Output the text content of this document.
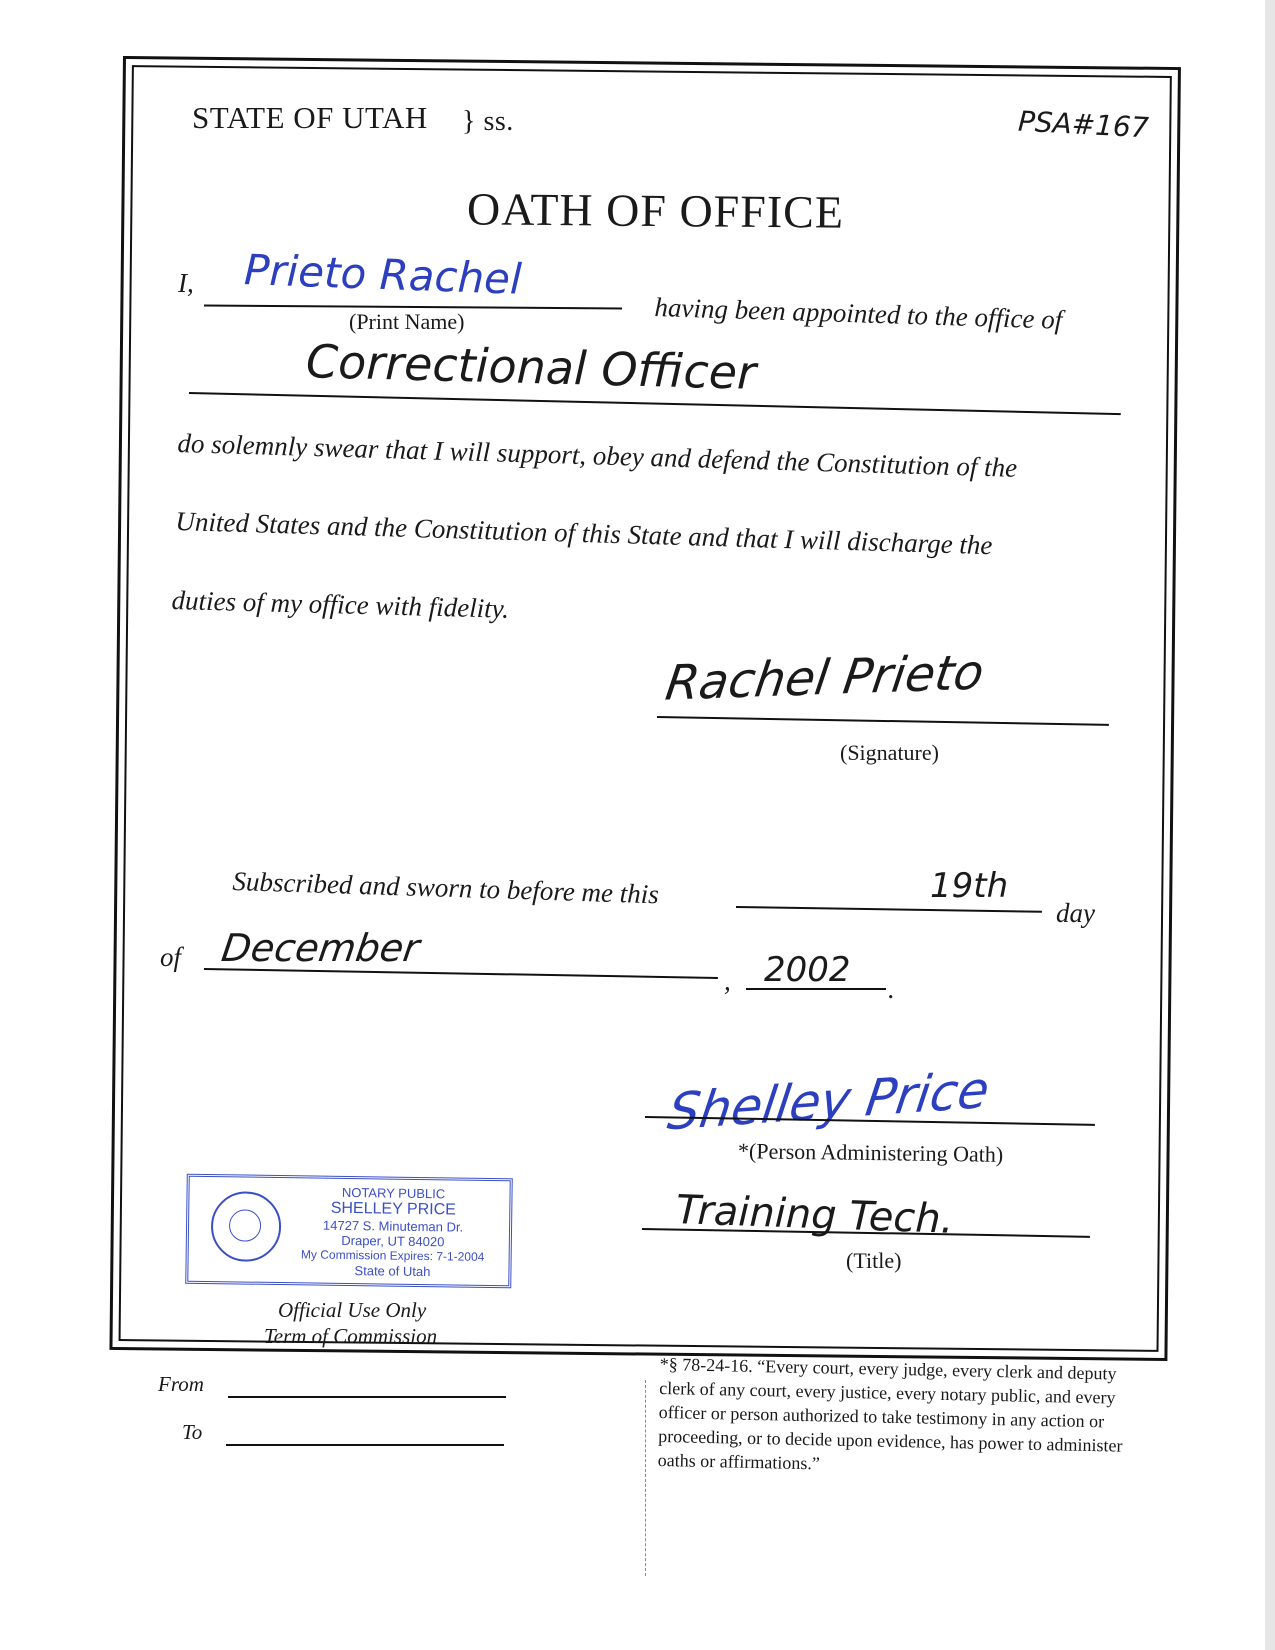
STATE OF UTAH } ss.	PSA#167
OATH OF OFFICE
I, Prieto Rachel
(Print Name)	having been appointed to the office of
Correctional Officer
do solemnly swear that I will support, obey and defend the Constitution of the
United States and the Constitution of this State and that I will discharge the
duties of my office with fidelity.
Rachel Prieto
(Signature)
Subscribed and sworn to before me this	19th
day
of December
, 2002 .
Shelley Price
*(Person Administering Oath)
Training Tech.
(Title)
NOTARY PUBLIC
SHELLEY PRICE
14727 S. Minuteman Dr.
Draper, UT 84020
My Commission Expires: 7-1-2004
State of Utah
Official Use Only
Term of Commission
From
To
*§ 78-24-16. “Every court, every judge, every clerk and deputy clerk of any court, every justice, every notary public, and every officer or person authorized to take testimony in any action or proceeding, or to decide upon evidence, has power to administer oaths or affirmations.”
